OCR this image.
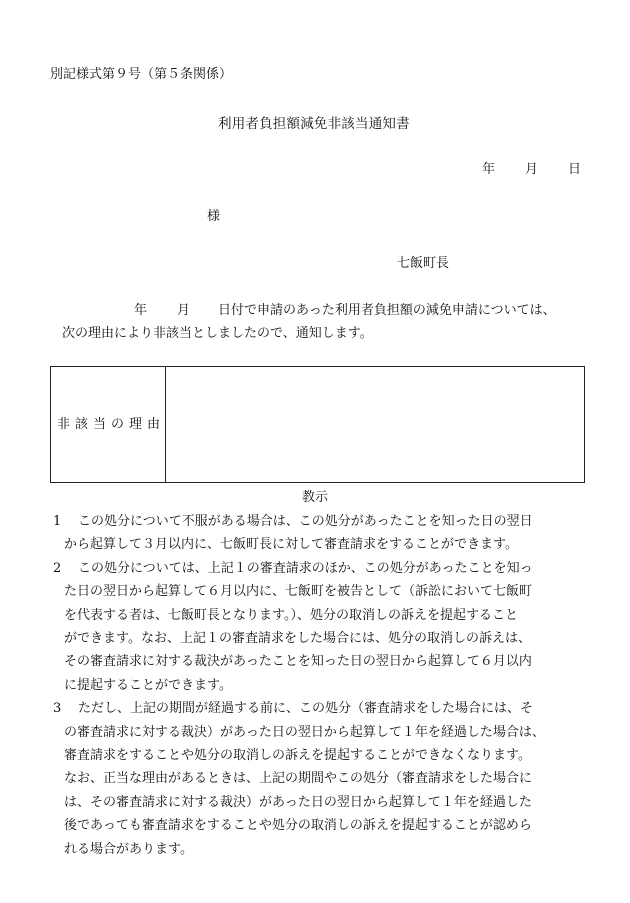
別記様式第９号（第５条関係）
利用者負担額減免非該当通知書
年 月 日
様
七飯町長
年 月 日付で申請のあった利用者負担額の減免申請については、
次の理由により非該当としましたので、通知します。
非該当の理由
教示
1 この処分について不服がある場合は、この処分があったことを知った日の翌日
から起算して３月以内に、七飯町長に対して審査請求をすることができます。
2 この処分については、上記１の審査請求のほか、この処分があったことを知っ
た日の翌日から起算して６月以内に、七飯町を被告として（訴訟において七飯町
を代表する者は、七飯町長となります。）、処分の取消しの訴えを提起すること
ができます。なお、上記１の審査請求をした場合には、処分の取消しの訴えは、
その審査請求に対する裁決があったことを知った日の翌日から起算して６月以内
に提起することができます。
3 ただし、上記の期間が経過する前に、この処分（審査請求をした場合には、そ
の審査請求に対する裁決）があった日の翌日から起算して１年を経過した場合は、
審査請求をすることや処分の取消しの訴えを提起することができなくなります。
なお、正当な理由があるときは、上記の期間やこの処分（審査請求をした場合に
は、その審査請求に対する裁決）があった日の翌日から起算して１年を経過した
後であっても審査請求をすることや処分の取消しの訴えを提起することが認めら
れる場合があります。
